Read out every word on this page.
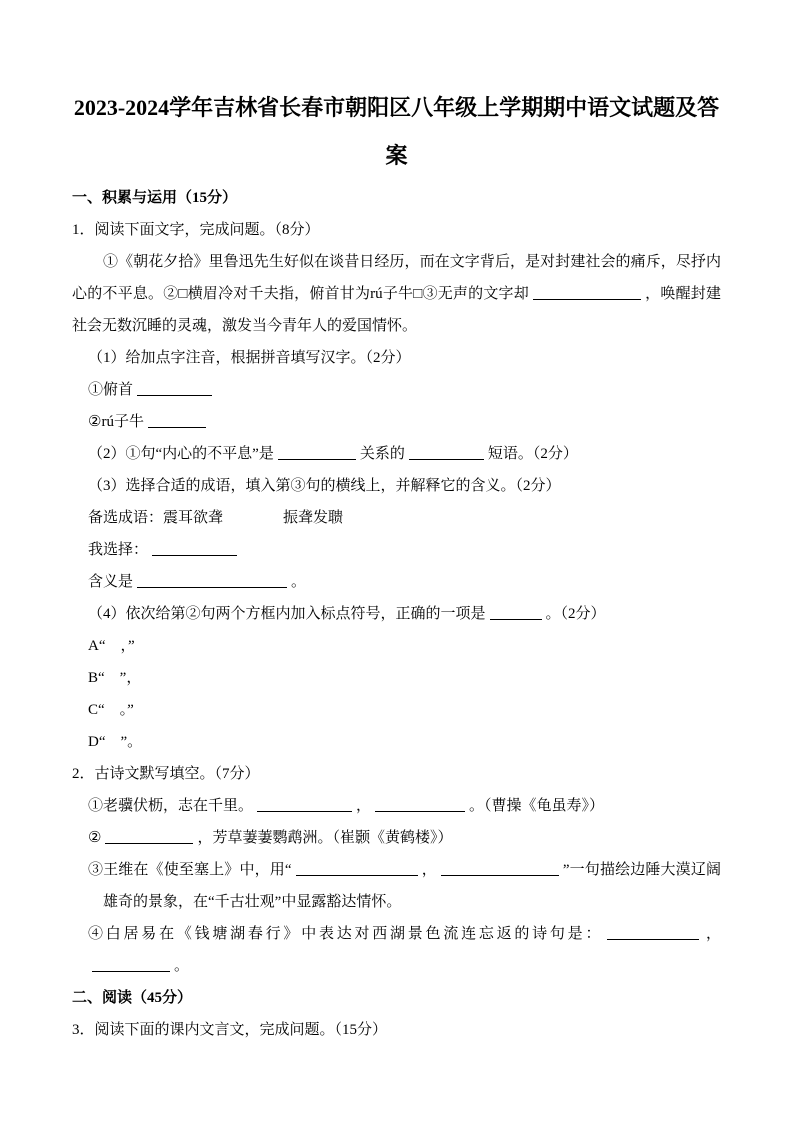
2023-2024学年吉林省长春市朝阳区八年级上学期期中语文试题及答案
一、积累与运用（15分）
1．阅读下面文字，完成问题。（8分）
①《朝花夕拾》里鲁迅先生好似在谈昔日经历，而在文字背后，是对封建社会的痛斥，尽抒内心的不平息。②□横眉冷对千夫指，俯首甘为rú子牛□③无声的文字却	，唤醒封建社会无数沉睡的灵魂，激发当今青年人的爱国情怀。
（1）给加点字注音，根据拼音填写汉字。（2分）
①俯首
②rú子牛
（2）①句“内心的不平息”是	关系的	短语。（2分）
（3）选择合适的成语，填入第③句的横线上，并解释它的含义。（2分）
备选成语：震耳欲聋　　　　振聋发聩
我选择：
含义是	。
（4）依次给第②句两个方框内加入标点符号，正确的一项是	。（2分）
A“　，”
B“　”，
C“　。”
D“　”。
2．古诗文默写填空。（7分）
①老骥伏枥，志在千里。	，	。（曹操《龟虽寿》）
②	，芳草萋萋鹦鹉洲。（崔颢《黄鹤楼》）
③王维在《使至塞上》中，用“	，	”一句描绘边陲大漠辽阔雄奇的景象，在“千古壮观”中显露豁达情怀。
④白居易在《钱塘湖春行》中表达对西湖景色流连忘返的诗句是：	，。
二、阅读（45分）
3．阅读下面的课内文言文，完成问题。（15分）
